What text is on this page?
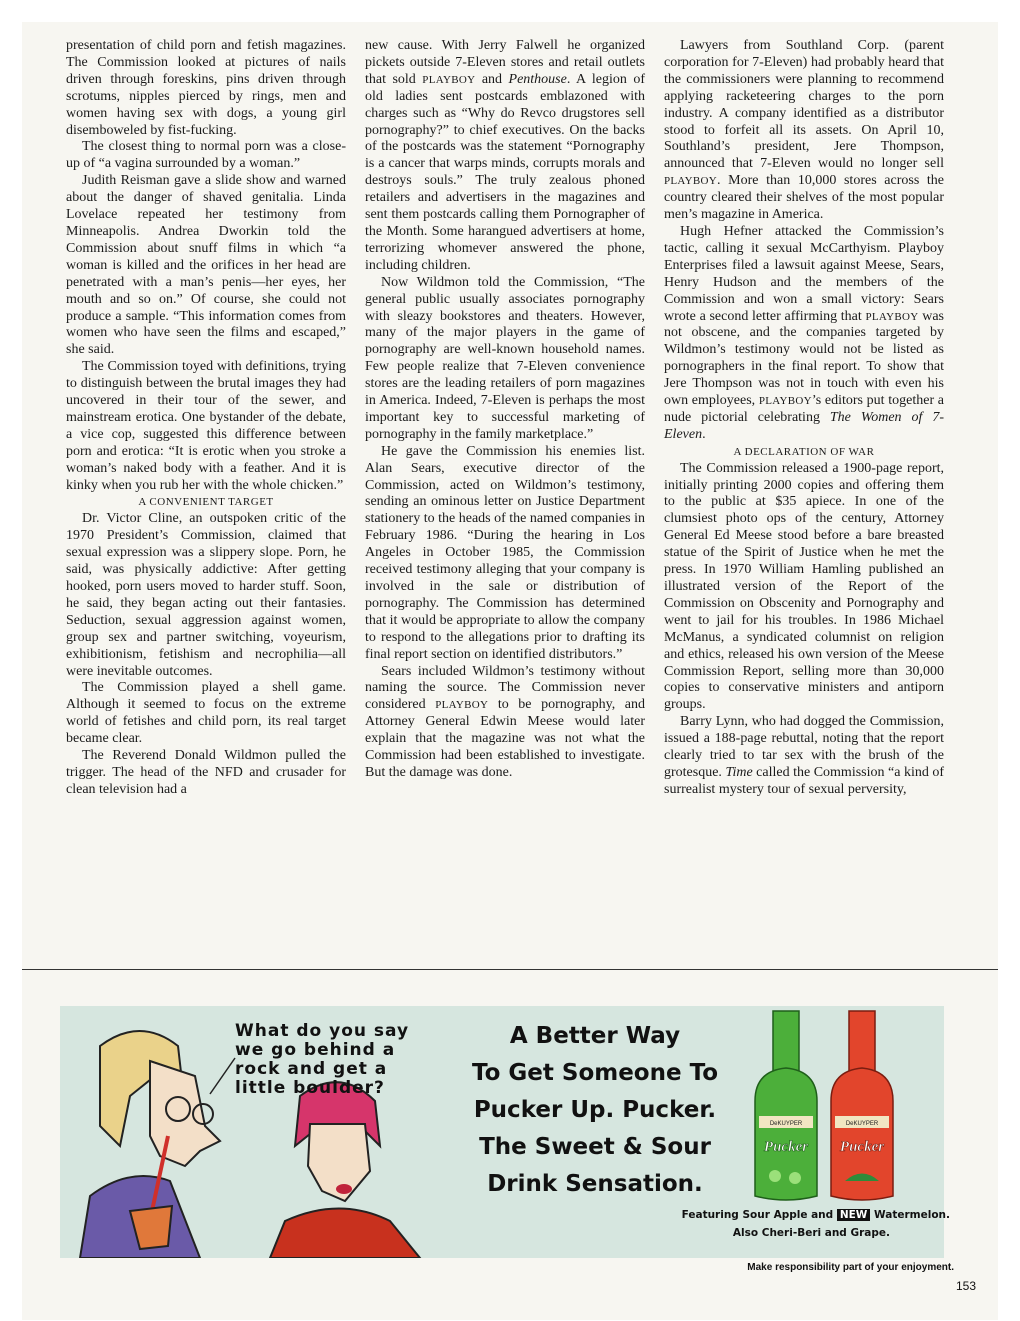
presentation of child porn and fetish magazines. The Commission looked at pictures of nails driven through foreskins, pins driven through scrotums, nipples pierced by rings, men and women having sex with dogs, a young girl disemboweled by fist-fucking.

The closest thing to normal porn was a close-up of “a vagina surrounded by a woman.”

Judith Reisman gave a slide show and warned about the danger of shaved genitalia. Linda Lovelace repeated her testimony from Minneapolis. Andrea Dworkin told the Commission about snuff films in which “a woman is killed and the orifices in her head are penetrated with a man’s penis—her eyes, her mouth and so on.” Of course, she could not produce a sample. “This information comes from women who have seen the films and escaped,” she said.

The Commission toyed with definitions, trying to distinguish between the brutal images they had uncovered in their tour of the sewer, and mainstream erotica. One bystander of the debate, a vice cop, suggested this difference between porn and erotica: “It is erotic when you stroke a woman’s naked body with a feather. And it is kinky when you rub her with the whole chicken.”

A CONVENIENT TARGET

Dr. Victor Cline, an outspoken critic of the 1970 President’s Commission, claimed that sexual expression was a slippery slope. Porn, he said, was physically addictive: After getting hooked, porn users moved to harder stuff. Soon, he said, they began acting out their fantasies. Seduction, sexual aggression against women, group sex and partner switching, voyeurism, exhibitionism, fetishism and necrophilia—all were inevitable outcomes.

The Commission played a shell game. Although it seemed to focus on the extreme world of fetishes and child porn, its real target became clear.

The Reverend Donald Wildmon pulled the trigger. The head of the NFD and crusader for clean television had a

new cause. With Jerry Falwell he organized pickets outside 7-Eleven stores and retail outlets that sold PLAYBOY and Penthouse. A legion of old ladies sent postcards emblazoned with charges such as “Why do Revco drugstores sell pornography?” to chief executives. On the backs of the postcards was the statement “Pornography is a cancer that warps minds, corrupts morals and destroys souls.” The truly zealous phoned retailers and advertisers in the magazines and sent them postcards calling them Pornographer of the Month. Some harangued advertisers at home, terrorizing whomever answered the phone, including children.

Now Wildmon told the Commission, “The general public usually associates pornography with sleazy bookstores and theaters. However, many of the major players in the game of pornography are well-known household names. Few people realize that 7-Eleven convenience stores are the leading retailers of porn magazines in America. Indeed, 7-Eleven is perhaps the most important key to successful marketing of pornography in the family marketplace.”

He gave the Commission his enemies list. Alan Sears, executive director of the Commission, acted on Wildmon’s testimony, sending an ominous letter on Justice Department stationery to the heads of the named companies in February 1986. “During the hearing in Los Angeles in October 1985, the Commission received testimony alleging that your company is involved in the sale or distribution of pornography. The Commission has determined that it would be appropriate to allow the company to respond to the allegations prior to drafting its final report section on identified distributors.”

Sears included Wildmon’s testimony without naming the source. The Commission never considered PLAYBOY to be pornography, and Attorney General Edwin Meese would later explain that the magazine was not what the Commission had been established to investigate. But the damage was done.

Lawyers from Southland Corp. (parent corporation for 7-Eleven) had probably heard that the commissioners were planning to recommend applying racketeering charges to the porn industry. A company identified as a distributor stood to forfeit all its assets. On April 10, Southland’s president, Jere Thompson, announced that 7-Eleven would no longer sell PLAYBOY. More than 10,000 stores across the country cleared their shelves of the most popular men’s magazine in America.

Hugh Hefner attacked the Commission’s tactic, calling it sexual McCarthyism. Playboy Enterprises filed a lawsuit against Meese, Sears, Henry Hudson and the members of the Commission and won a small victory: Sears wrote a second letter affirming that PLAYBOY was not obscene, and the companies targeted by Wildmon’s testimony would not be listed as pornographers in the final report. To show that Jere Thompson was not in touch with even his own employees, PLAYBOY’s editors put together a nude pictorial celebrating The Women of 7-Eleven.

A DECLARATION OF WAR

The Commission released a 1900-page report, initially printing 2000 copies and offering them to the public at $35 apiece. In one of the clumsiest photo ops of the century, Attorney General Ed Meese stood before a bare breasted statue of the Spirit of Justice when he met the press. In 1970 William Hamling published an illustrated version of the Report of the Commission on Obscenity and Pornography and went to jail for his troubles. In 1986 Michael McManus, a syndicated columnist on religion and ethics, released his own version of the Meese Commission Report, selling more than 30,000 copies to conservative ministers and antiporn groups.

Barry Lynn, who had dogged the Commission, issued a 188-page rebuttal, noting that the report clearly tried to tar sex with the brush of the grotesque. Time called the Commission “a kind of surrealist mystery tour of sexual perversity,

What do you say we go behind a rock and get a little boulder?
A Better Way
To Get Someone To
Pucker Up. Pucker.
The Sweet & Sour
Drink Sensation.
DeKUYPER
Pucker
DeKUYPER
Pucker
Featuring Sour Apple and NEW Watermelon.
Also Cheri-Beri and Grape.
Make responsibility part of your enjoyment.
153
